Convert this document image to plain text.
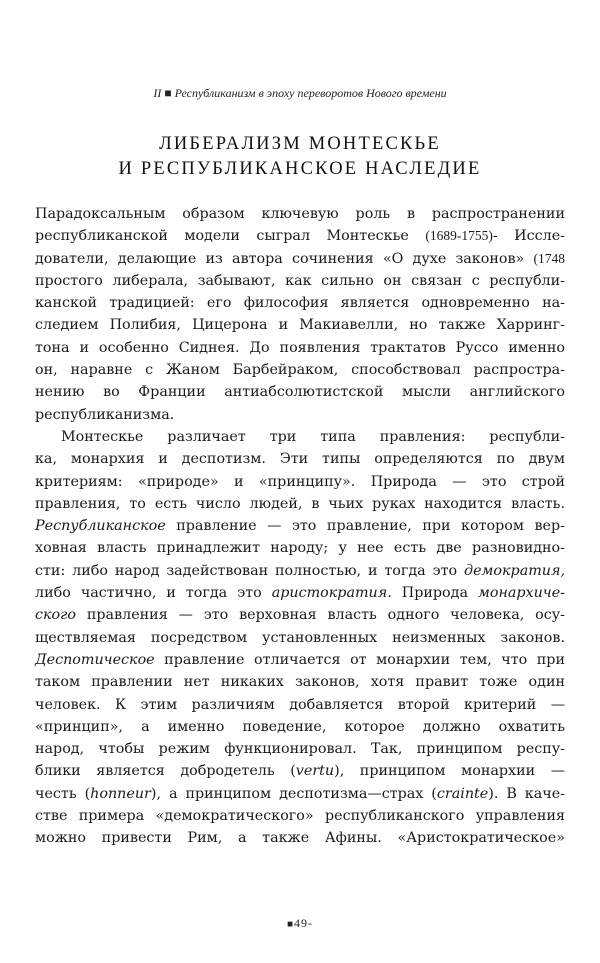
II ■ Республиканизм в эпоху переворотов Нового времени
ЛИБЕРАЛИЗМ МОНТЕСКЬЕ
И РЕСПУБЛИКАНСКОЕ НАСЛЕДИЕ
Парадоксальным образом ключевую роль в распространении
республиканской модели сыграл Монтескье (1689-1755)- Иссле-
дователи, делающие из автора сочинения «О духе законов» (1748
простого либерала, забывают, как сильно он связан с республи-
канской традицией: его философия является одновременно на-
следием Полибия, Цицерона и Макиавелли, но также Харринг-
тона и особенно Сиднея. До появления трактатов Руссо именно
он, наравне с Жаном Барбейраком, способствовал распростра-
нению во Франции антиабсолютистской мысли английского
республиканизма.
Монтескье различает три типа правления: республи-
ка, монархия и деспотизм. Эти типы определяются по двум
критериям: «природе» и «принципу». Природа — это строй
правления, то есть число людей, в чьих руках находится власть.
Республиканское правление — это правление, при котором вер-
ховная власть принадлежит народу; у нее есть две разновидно-
сти: либо народ задействован полностью, и тогда это демократия,
либо частично, и тогда это аристократия. Природа монархиче-
ского правления — это верховная власть одного человека, осу-
ществляемая посредством установленных неизменных законов.
Деспотическое правление отличается от монархии тем, что при
таком правлении нет никаких законов, хотя правит тоже один
человек. К этим различиям добавляется второй критерий —
«принцип», а именно поведение, которое должно охватить
народ, чтобы режим функционировал. Так, принципом респу-
блики является добродетель (vertu), принципом монархии —
честь (honneur), а принципом деспотизма—страх (crainte). В каче-
стве примера «демократического» республиканского управления
можно привести Рим, а также Афины. «Аристократическое»
■49-
